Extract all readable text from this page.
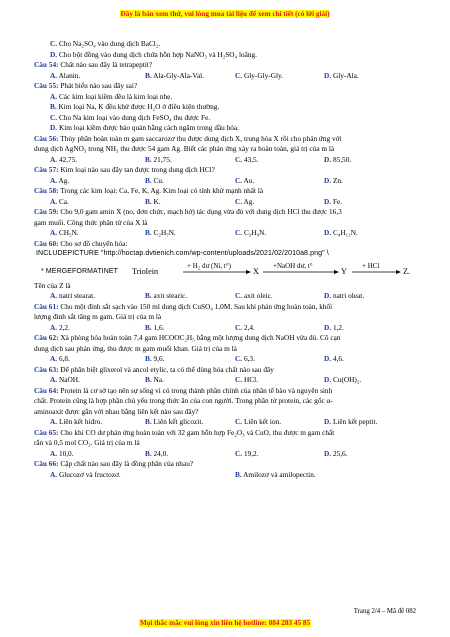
Đây là bản xem thử, vui lòng mua tài liệu để xem chi tiết (có lời giải)
C. Cho Na₂SO₄ vào dung dịch BaCl₂.
D. Cho bột đồng vào dung dịch chứa hỗn hợp NaNO₃ và H₂SO₄ loãng.
Câu 54: Chất nào sau đây là tetrapeptit?
A. Alanin.	B. Ala-Gly-Ala-Val.	C. Gly-Gly-Gly.	D. Gly-Ala.
Câu 55: Phát biểu nào sau đây sai?
A. Các kim loại kiềm đều là kim loại nhẹ.
B. Kim loại Na, K đều khử được H₂O ở điều kiện thường.
C. Cho Na kim loại vào dung dịch FeSO₄ thu được Fe.
D. Kim loại kiềm được bảo quản bằng cách ngâm trong dầu hỏa.
Câu 56: Thủy phân hoàn toàn m gam saccarozơ thu được dung dịch X, trung hòa X rồi cho phản ứng với
dung dịch AgNO₃ trong NH₃ thu được 54 gam Ag. Biết các phản ứng xảy ra hoàn toàn, giá trị của m là
A. 42,75.	B. 21,75.	C. 43,5.	D. 85,50.
Câu 57: Kim loại nào sau đây tan được trong dung dịch HCl?
A. Ag.	B. Cu.	C. Au.	D. Zn.
Câu 58: Trong các kim loại: Ca, Fe, K, Ag. Kim loại có tính khử mạnh nhất là
A. Ca.	B. K.	C. Ag.	D. Fe.
Câu 59: Cho 9,0 gam amin X (no, đơn chức, mạch hở) tác dụng vừa đủ với dung dịch HCl thu được 16,3
gam muối. Công thức phân tử của X là
A. CH₅N.	B. C₂H₇N.	C. C₃H₉N.	D. C₄H₁₁N.
Câu 60: Cho sơ đồ chuyển hóa:
INCLUDEPICTURE "http://hoctap.dvtienich.com/wp-content/uploads/2021/02/2010a8.png" \
* MERGEFORMATINET Triolein
+ H₂ dư (Ni, t°)
X
+NaOH dư, t°
Y
+ HCl
Z.
Tên của Z là
A. natri stearat.	B. axit stearic.	C. axit oleic.	D. natri oleat.
Câu 61: Cho một đinh sắt sạch vào 150 ml dung dịch CuSO₄ 1,0M. Sau khi phản ứng hoàn toàn, khối
lượng đinh sắt tăng m gam. Giá trị của m là
A. 2,2.	B. 1,6.	C. 2,4.	D. 1,2.
Câu 62: Xà phòng hóa hoàn toàn 7,4 gam HCOOC₂H₅ bằng một lượng dung dịch NaOH vừa đủ. Cô cạn
dung dịch sau phản ứng, thu được m gam muối khan. Giá trị của m là
A. 6,8.	B. 9,6.	C. 6,3.	D. 4,6.
Câu 63: Để phân biệt glixerol và ancol etylic, ta có thể dùng hóa chất nào sau đây
A. NaOH.	B. Na.	C. HCl.	D. Cu(OH)₂.
Câu 64: Protein là cơ sở tạo nên sự sống vì có trong thành phần chính của nhân tế bào và nguyên sinh
chất. Protein cũng là hợp phần chủ yếu trong thức ăn của con người. Trong phân tử protein, các gốc α-
aminoaxit được gắn với nhau bằng liên kết nào sau đây?
A. Liên kết hiđro.	B. Liên kết glicozit.	C. Liên kết ion.	D. Liên kết peptit.
Câu 65: Cho khí CO dư phản ứng hoàn toàn với 32 gam hỗn hợp Fe₂O₃ và CuO, thu được m gam chất
rắn và 0,5 mol CO₂. Giá trị của m là
A. 10,0.	B. 24,0.	C. 19,2.	D. 25,6.
Câu 66: Cặp chất nào sau đây là đồng phân của nhau?
A. Glucozơ và fructozơ.	B. Amilozơ và amilopectin.
Trang 2/4 – Mã đề 082
Mọi thắc mắc vui lòng xin liên hệ hotline: 084 283 45 85
